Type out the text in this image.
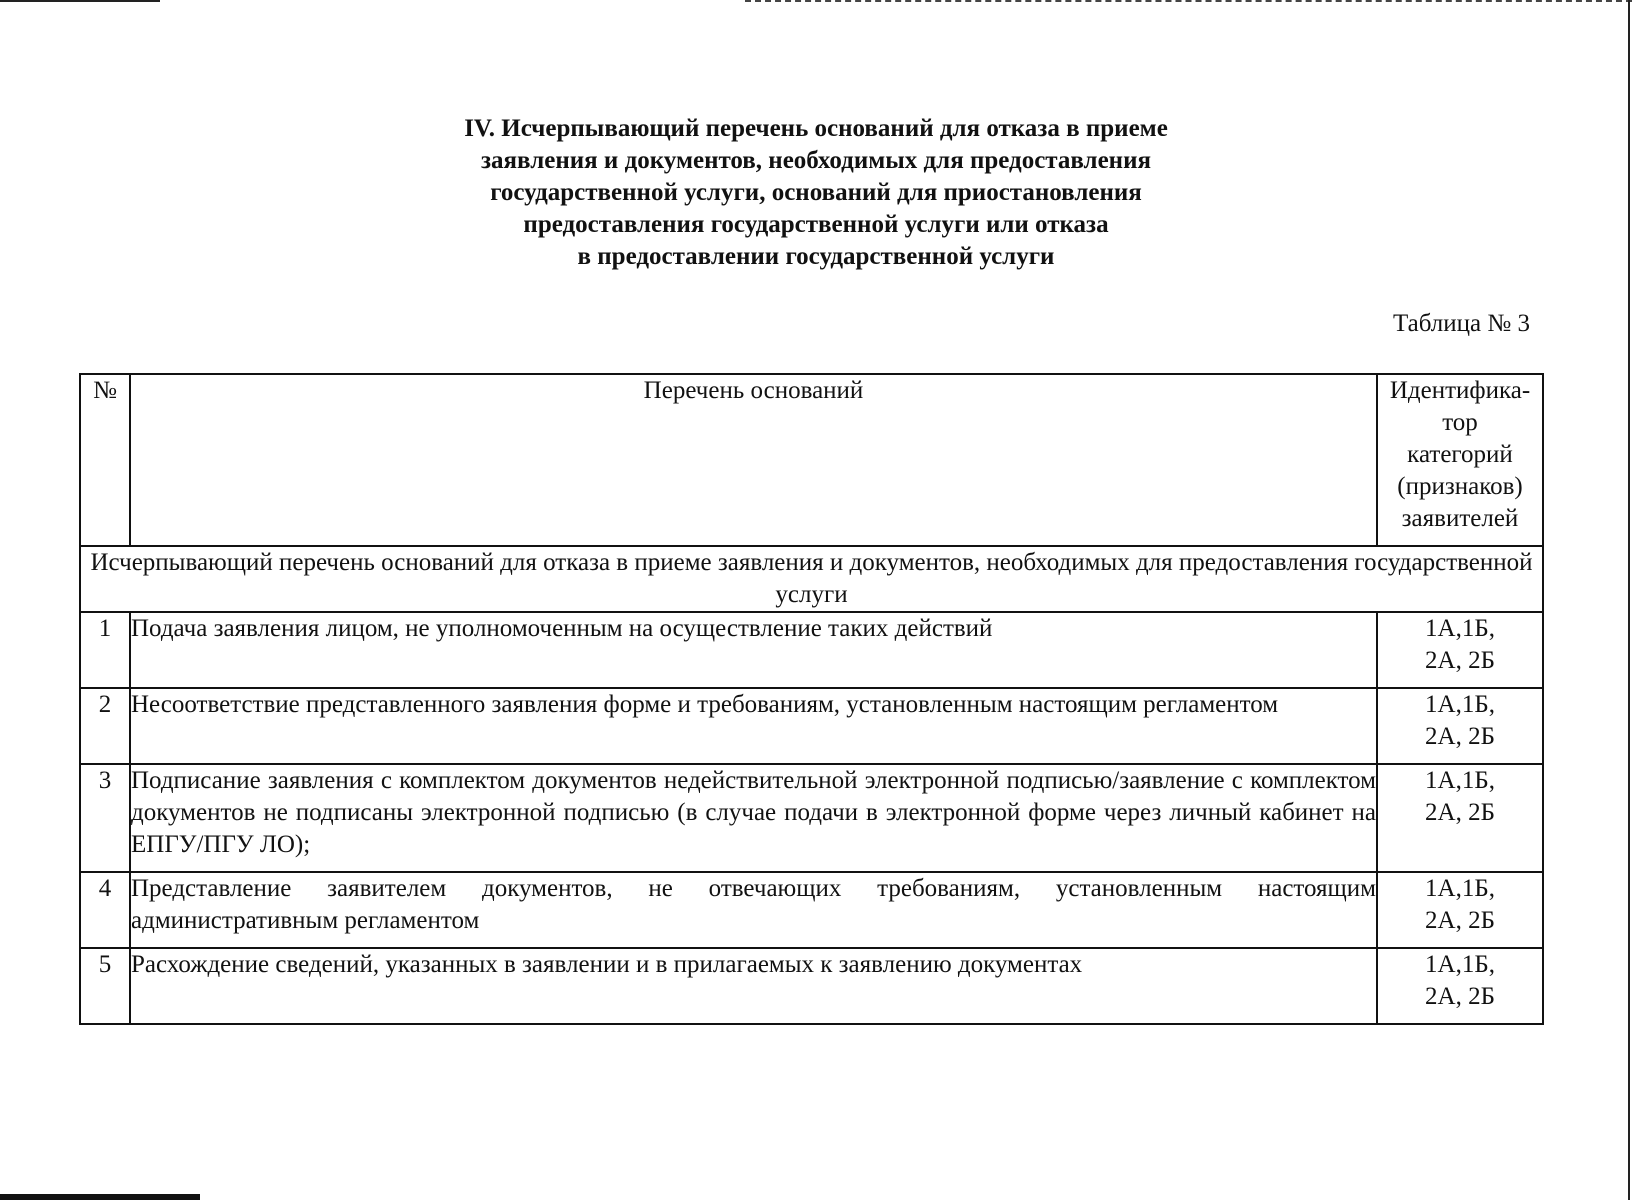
IV. Исчерпывающий перечень оснований для отказа в приеме
заявления и документов, необходимых для предоставления
государственной услуги, оснований для приостановления
предоставления государственной услуги или отказа
в предоставлении государственной услуги
Таблица № 3
№	Перечень оснований	Идентифика-
тор
категорий
(признаков)
заявителей

Исчерпывающий перечень оснований для отказа в приеме заявления и документов, необходимых для предоставления государственной услуги		
1	Подача заявления лицом, не уполномоченным на осуществление таких действий	1А,1Б,
2А, 2Б

2	Несоответствие представленного заявления форме и требованиям, установленным настоящим регламентом	1А,1Б,
2А, 2Б

3	Подписание заявления с комплектом документов недействительной электронной подписью/заявление с комплектом документов не подписаны электронной подписью (в случае подачи в электронной форме через личный кабинет на ЕПГУ/ПГУ ЛО);	1А,1Б,
2А, 2Б

4	Представление заявителем документов, не отвечающих требованиям, установленным настоящим административным регламентом	1А,1Б,
2А, 2Б

5	Расхождение сведений, указанных в заявлении и в прилагаемых к заявлению документах	1А,1Б,
2А, 2Б
